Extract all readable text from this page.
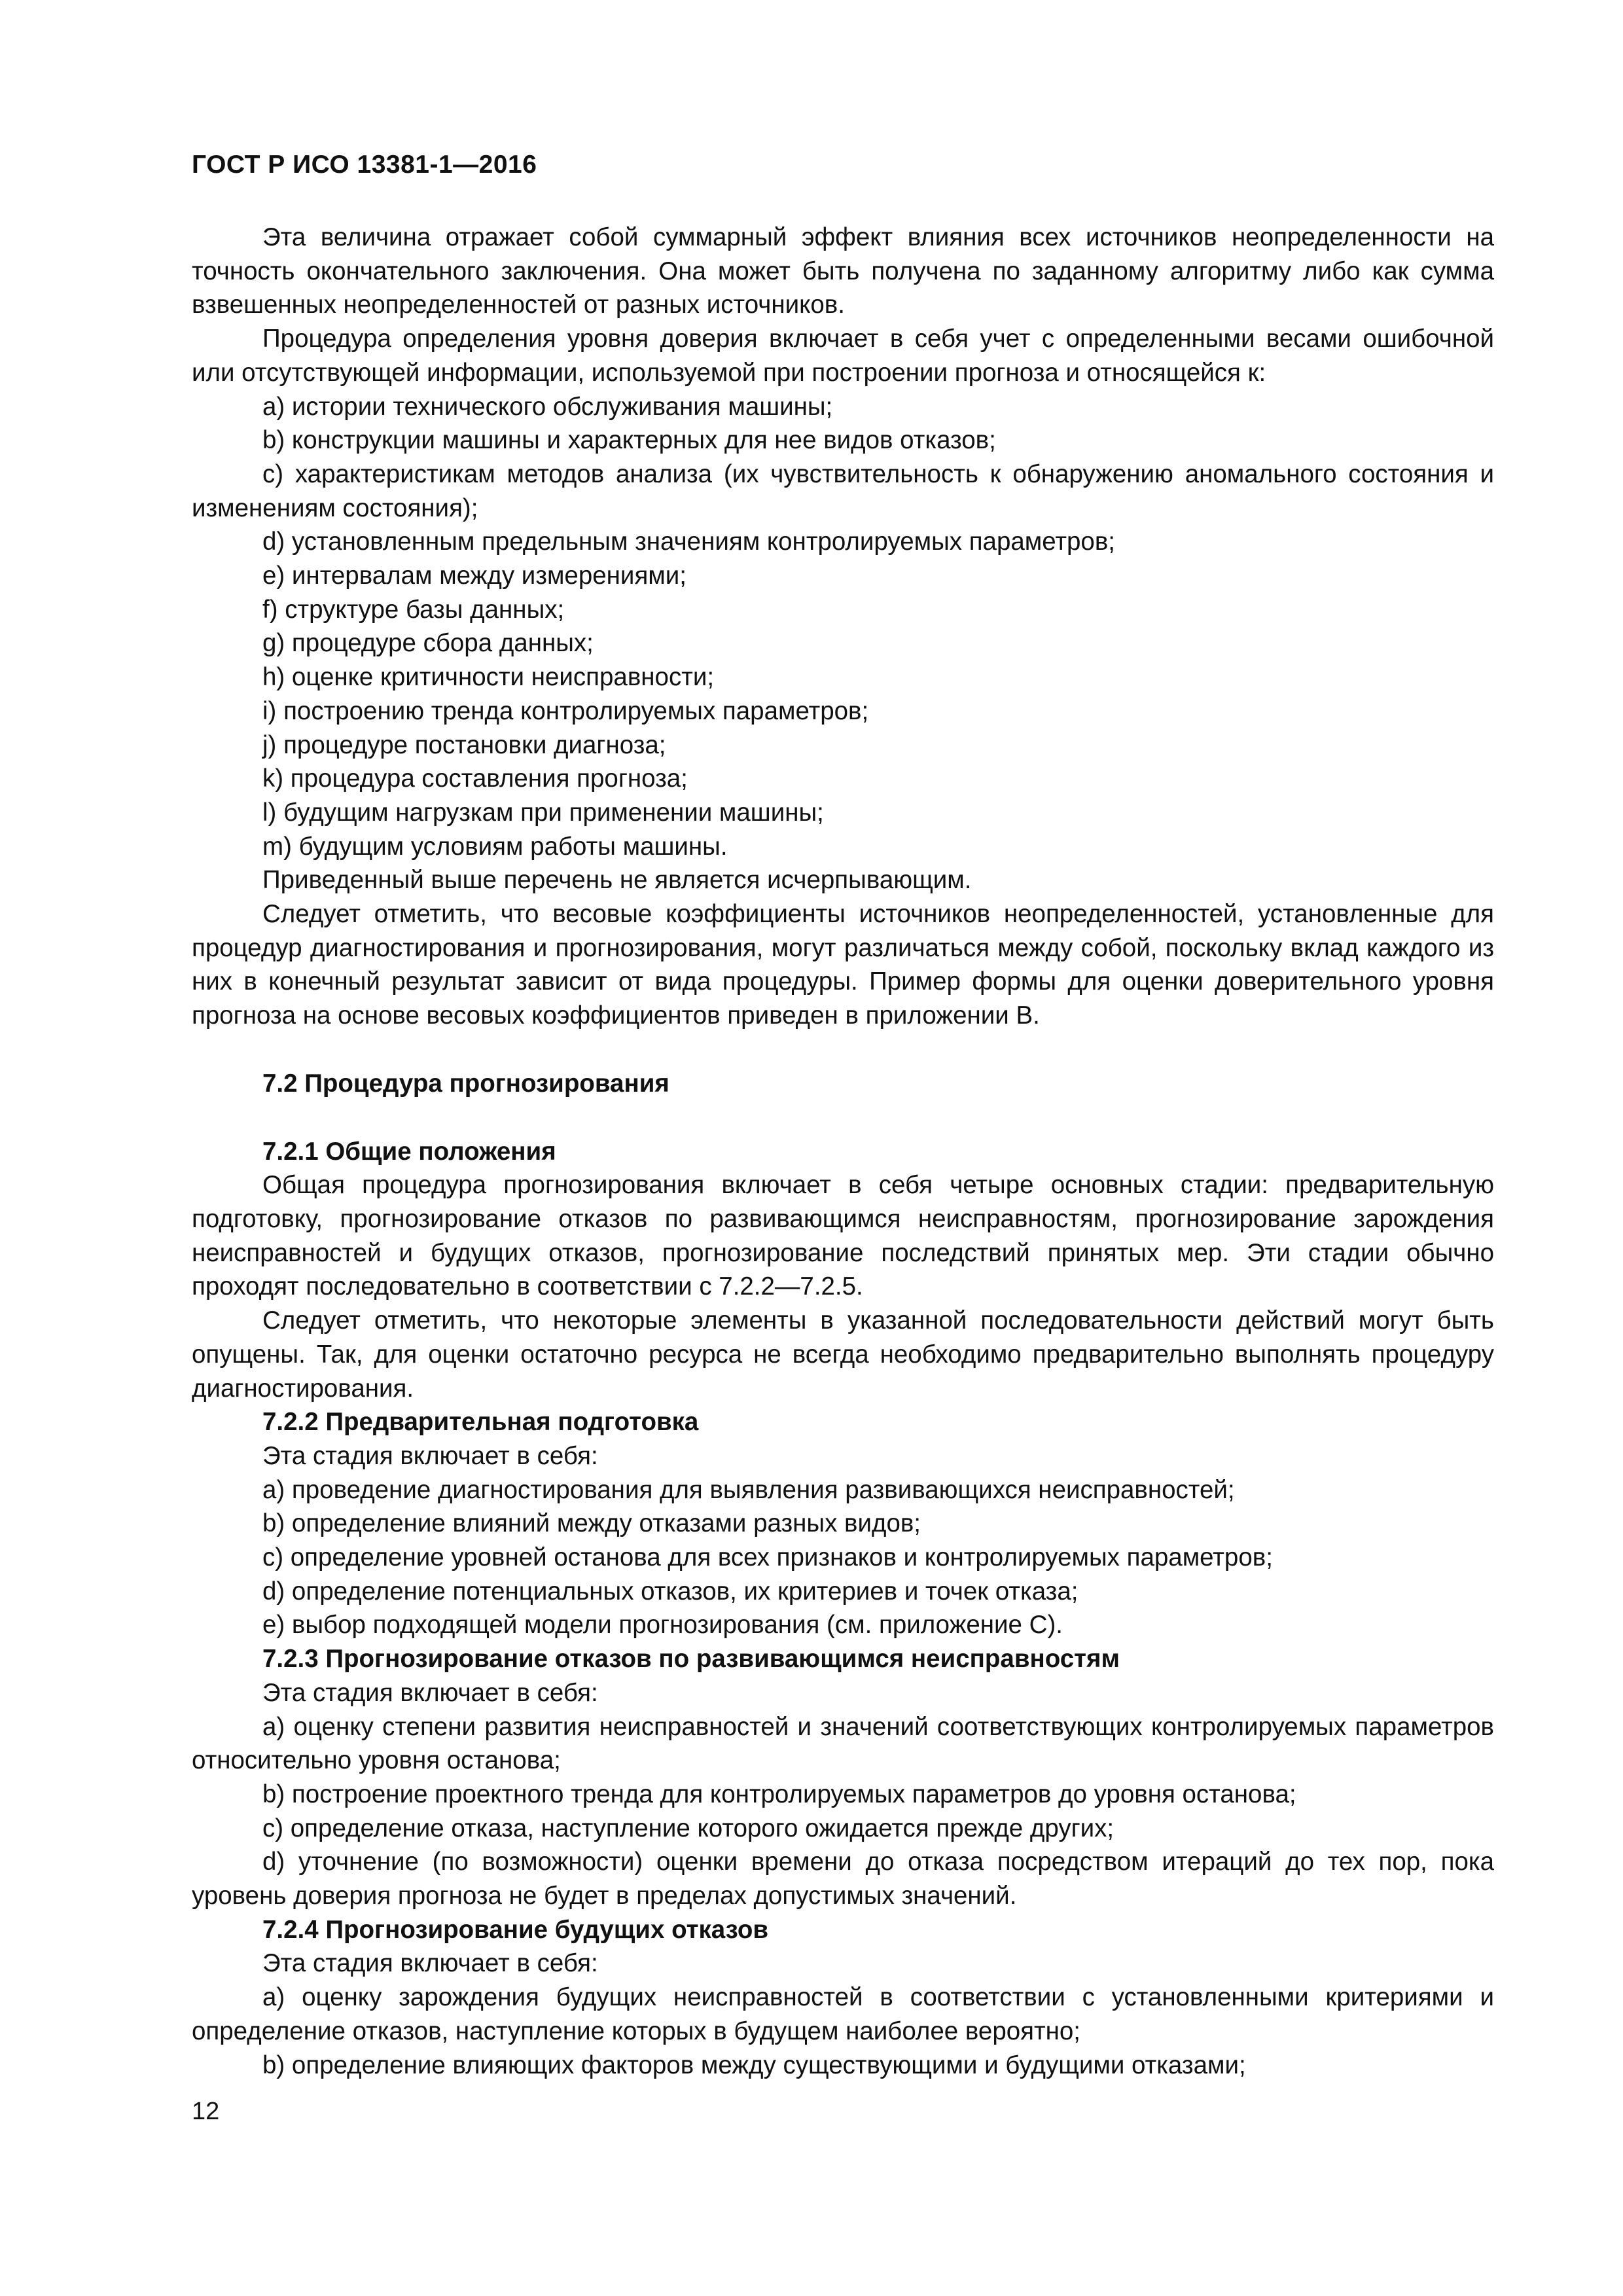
ГОСТ Р ИСО 13381-1—2016

Эта величина отражает собой суммарный эффект влияния всех источников неопределенности на точность окончательного заключения. Она может быть получена по заданному алгоритму либо как сумма взвешенных неопределенностей от разных источников.

Процедура определения уровня доверия включает в себя учет с определенными весами ошибочной или отсутствующей информации, используемой при построении прогноза и относящейся к:

a) истории технического обслуживания машины;

b) конструкции машины и характерных для нее видов отказов;

c) характеристикам методов анализа (их чувствительность к обнаружению аномального состояния и изменениям состояния);

d) установленным предельным значениям контролируемых параметров;

e) интервалам между измерениями;

f) структуре базы данных;

g) процедуре сбора данных;

h) оценке критичности неисправности;

i) построению тренда контролируемых параметров;

j) процедуре постановки диагноза;

k) процедура составления прогноза;

l) будущим нагрузкам при применении машины;

m) будущим условиям работы машины.

Приведенный выше перечень не является исчерпывающим.

Следует отметить, что весовые коэффициенты источников неопределенностей, установленные для процедур диагностирования и прогнозирования, могут различаться между собой, поскольку вклад каждого из них в конечный результат зависит от вида процедуры. Пример формы для оценки доверительного уровня прогноза на основе весовых коэффициентов приведен в приложении В.

7.2 Процедура прогнозирования

7.2.1 Общие положения

Общая процедура прогнозирования включает в себя четыре основных стадии: предварительную подготовку, прогнозирование отказов по развивающимся неисправностям, прогнозирование зарождения неисправностей и будущих отказов, прогнозирование последствий принятых мер. Эти стадии обычно проходят последовательно в соответствии с 7.2.2—7.2.5.

Следует отметить, что некоторые элементы в указанной последовательности действий могут быть опущены. Так, для оценки остаточно ресурса не всегда необходимо предварительно выполнять процедуру диагностирования.

7.2.2 Предварительная подготовка

Эта стадия включает в себя:

a) проведение диагностирования для выявления развивающихся неисправностей;

b) определение влияний между отказами разных видов;

c) определение уровней останова для всех признаков и контролируемых параметров;

d) определение потенциальных отказов, их критериев и точек отказа;

e) выбор подходящей модели прогнозирования (см. приложение С).

7.2.3 Прогнозирование отказов по развивающимся неисправностям

Эта стадия включает в себя:

a) оценку степени развития неисправностей и значений соответствующих контролируемых параметров относительно уровня останова;

b) построение проектного тренда для контролируемых параметров до уровня останова;

c) определение отказа, наступление которого ожидается прежде других;

d) уточнение (по возможности) оценки времени до отказа посредством итераций до тех пор, пока уровень доверия прогноза не будет в пределах допустимых значений.

7.2.4 Прогнозирование будущих отказов

Эта стадия включает в себя:

a) оценку зарождения будущих неисправностей в соответствии с установленными критериями и определение отказов, наступление которых в будущем наиболее вероятно;

b) определение влияющих факторов между существующими и будущими отказами;

12
